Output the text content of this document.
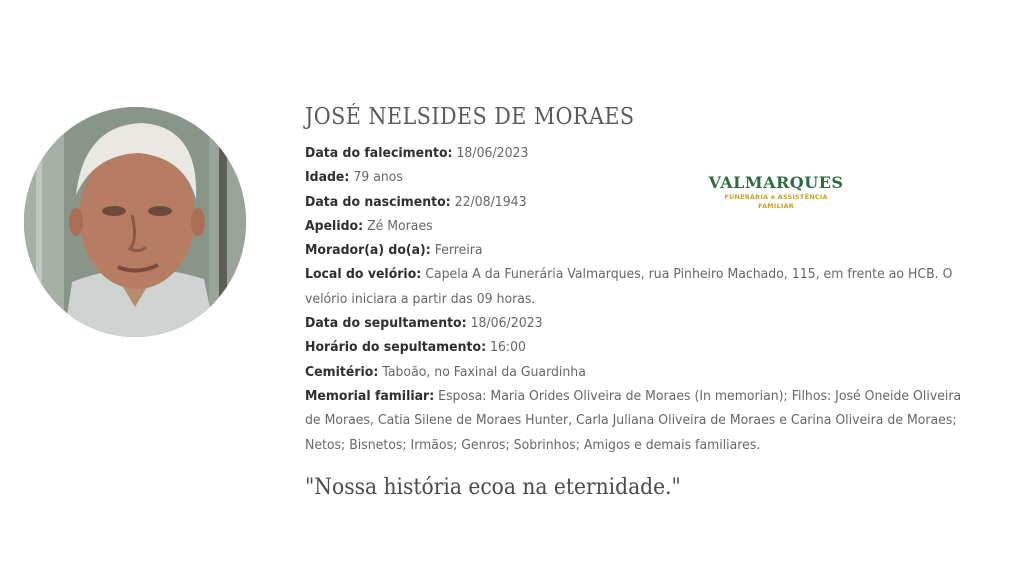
JOSÉ NELSIDES DE MORAES

Data do falecimento: 18/06/2023

Idade: 79 anos

Data do nascimento: 22/08/1943

Apelido: Zé Moraes

Morador(a) do(a): Ferreira

Local do velório: Capela A da Funerária Valmarques, rua Pinheiro Machado, 115, em frente ao HCB. O velório iniciara a partir das 09 horas.

Data do sepultamento: 18/06/2023

Horário do sepultamento: 16:00

Cemitério: Taboão, no Faxinal da Guardinha

Memorial familiar: Esposa: Maria Orides Oliveira de Moraes (In memorian); Filhos: José Oneide Oliveira de Moraes, Catia Silene de Moraes Hunter, Carla Juliana Oliveira de Moraes e Carina Oliveira de Moraes; Netos; Bisnetos; Irmãos; Genros; Sobrinhos; Amigos e demais familiares.

VALMARQUES
FUNERÁRIA e ASSISTÊNCIA FAMILIAR

"Nossa história ecoa na eternidade."
